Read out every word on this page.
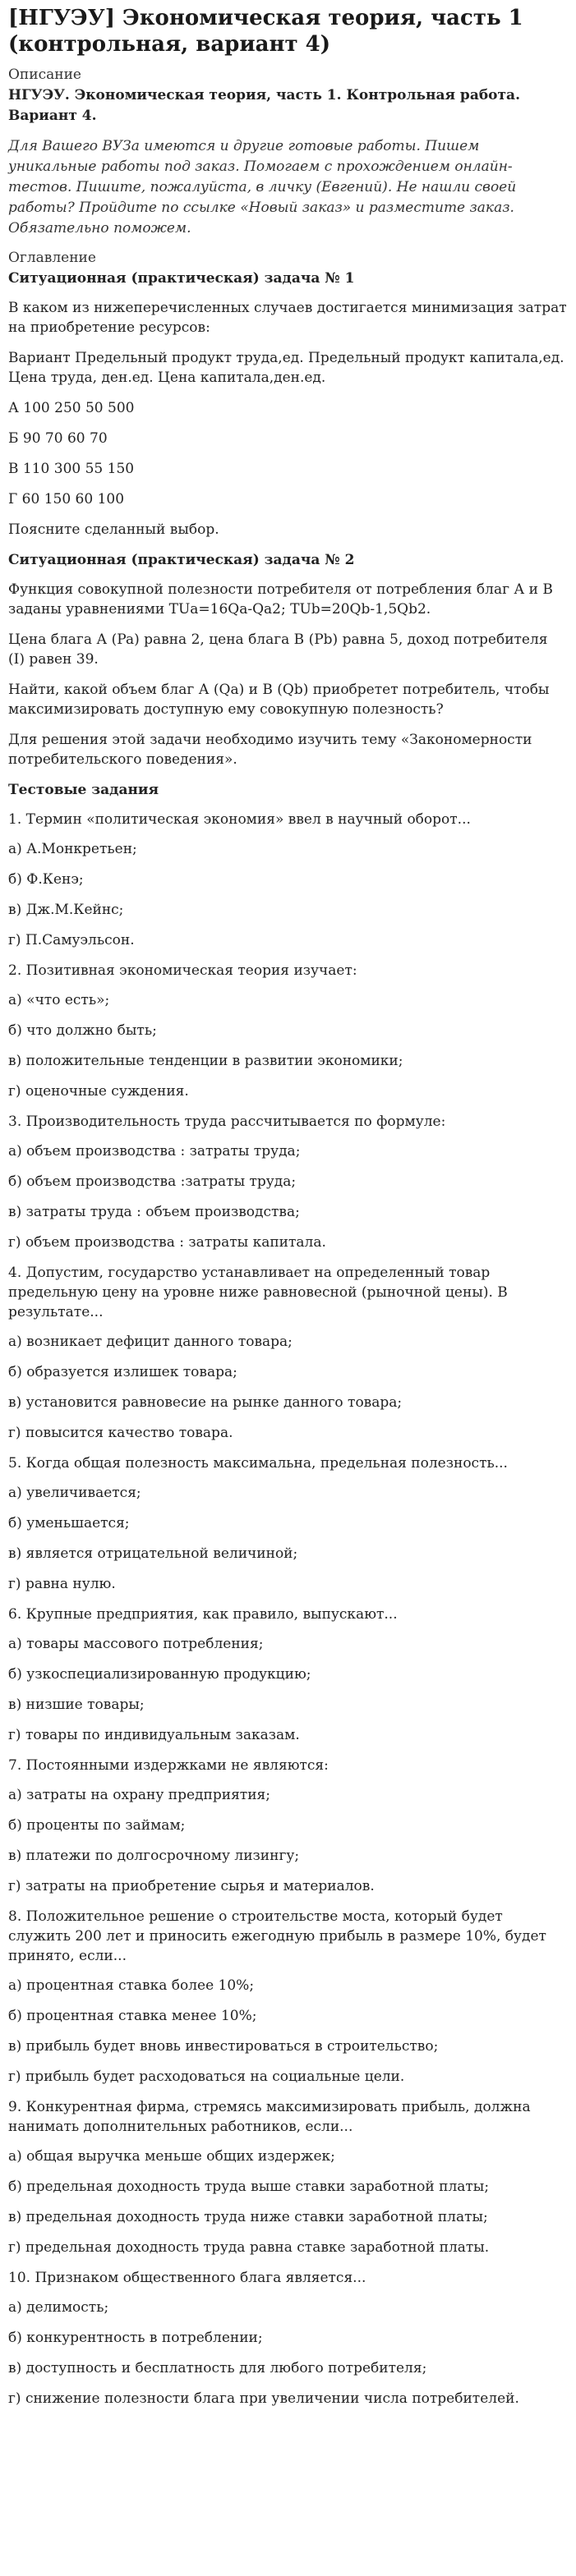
[НГУЭУ] Экономическая теория, часть 1 (контрольная, вариант 4)
Описание
НГУЭУ. Экономическая теория, часть 1. Контрольная работа. Вариант 4.
Для Вашего ВУЗа имеются и другие готовые работы. Пишем уникальные работы под заказ. Помогаем с прохождением онлайн-тестов. Пишите, пожалуйста, в личку (Евгений). Не нашли своей работы? Пройдите по ссылке «Новый заказ» и разместите заказ. Обязательно поможем.
Оглавление
Ситуационная (практическая) задача № 1

В каком из нижеперечисленных случаев достигается минимизация затрат на приобретение ресурсов:

Вариант Предельный продукт труда,ед. Предельный продукт капитала,ед. Цена труда, ден.ед. Цена капитала,ден.ед.

А 100 250 50 500

Б 90 70 60 70

В 110 300 55 150

Г 60 150 60 100

Поясните сделанный выбор.

Ситуационная (практическая) задача № 2

Функция совокупной полезности потребителя от потребления благ А и В заданы уравнениями TUa=16Qa-Qa2; TUb=20Qb-1,5Qb2.

Цена блага А (Pa) равна 2, цена блага В (Pb) равна 5, доход потребителя (I) равен 39.

Найти, какой объем благ А (Qa) и В (Qb) приобретет потребитель, чтобы максимизировать доступную ему совокупную полезность?

Для решения этой задачи необходимо изучить тему «Закономерности потребительского поведения».

Тестовые задания
1. Термин «политическая экономия» ввел в научный оборот...
а) А.Монкретьен;
б) Ф.Кенэ;
в) Дж.М.Кейнс;
г) П.Самуэльсон.
2. Позитивная экономическая теория изучает:
а) «что есть»;
б) что должно быть;
в) положительные тенденции в развитии экономики;
г) оценочные суждения.
3. Производительность труда рассчитывается по формуле:
а) объем производства : затраты труда;
б) объем производства :затраты труда;
в) затраты труда : объем производства;
г) объем производства : затраты капитала.
4. Допустим, государство устанавливает на определенный товар предельную цену на уровне ниже равновесной (рыночной цены). В результате...
а) возникает дефицит данного товара;
б) образуется излишек товара;
в) установится равновесие на рынке данного товара;
г) повысится качество товара.
5. Когда общая полезность максимальна, предельная полезность...
а) увеличивается;
б) уменьшается;
в) является отрицательной величиной;
г) равна нулю.
6. Крупные предприятия, как правило, выпускают...
а) товары массового потребления;
б) узкоспециализированную продукцию;
в) низшие товары;
г) товары по индивидуальным заказам.
7. Постоянными издержками не являются:
а) затраты на охрану предприятия;
б) проценты по займам;
в) платежи по долгосрочному лизингу;
г) затраты на приобретение сырья и материалов.
8. Положительное решение о строительстве моста, который будет служить 200 лет и приносить ежегодную прибыль в размере 10%, будет принято, если...
а) процентная ставка более 10%;
б) процентная ставка менее 10%;
в) прибыль будет вновь инвестироваться в строительство;
г) прибыль будет расходоваться на социальные цели.
9. Конкурентная фирма, стремясь максимизировать прибыль, должна нанимать дополнительных работников, если...
а) общая выручка меньше общих издержек;
б) предельная доходность труда выше ставки заработной платы;
в) предельная доходность труда ниже ставки заработной платы;
г) предельная доходность труда равна ставке заработной платы.
10. Признаком общественного блага является...
а) делимость;
б) конкурентность в потреблении;
в) доступность и бесплатность для любого потребителя;
г) снижение полезности блага при увеличении числа потребителей.
